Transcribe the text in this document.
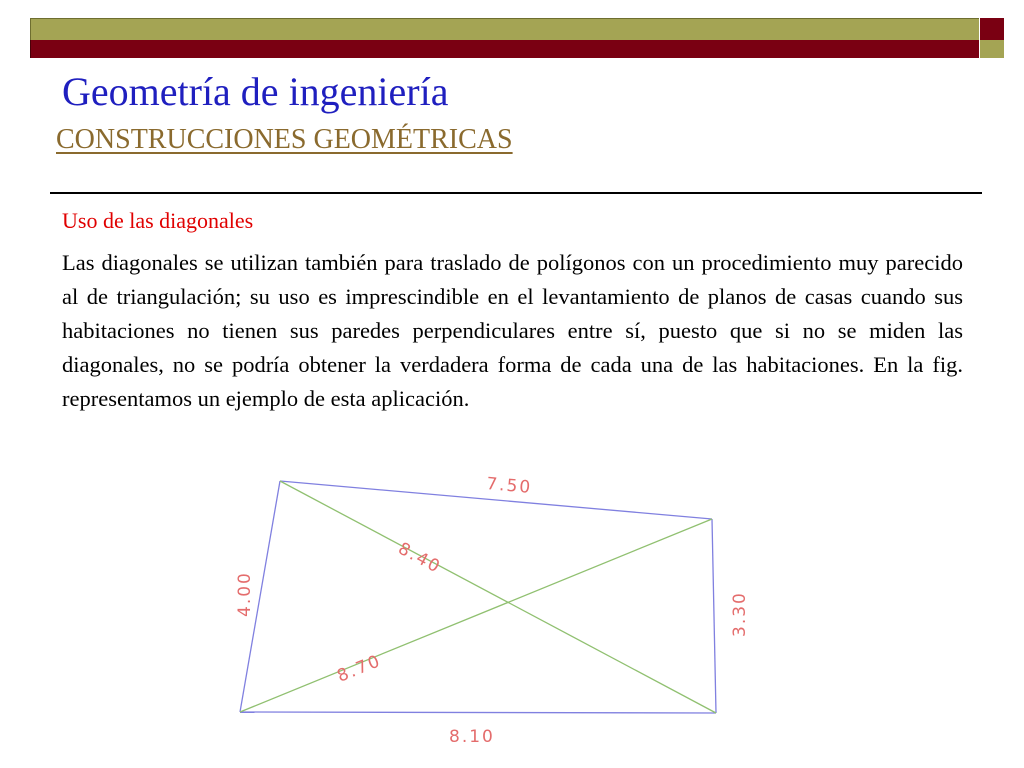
Geometría de ingeniería
CONSTRUCCIONES GEOMÉTRICAS
Uso de las diagonales

Las diagonales se utilizan también para traslado de polígonos con un procedimiento muy parecido al de triangulación; su uso es imprescindible en el levantamiento de planos de casas cuando sus habitaciones no tienen sus paredes perpendiculares entre sí, puesto que si no se miden las diagonales, no se podría obtener la verdadera forma de cada una de las habitaciones. En la fig. representamos un ejemplo de esta aplicación.

7.50
4.00	3.30
8.10
8.40
8.70
